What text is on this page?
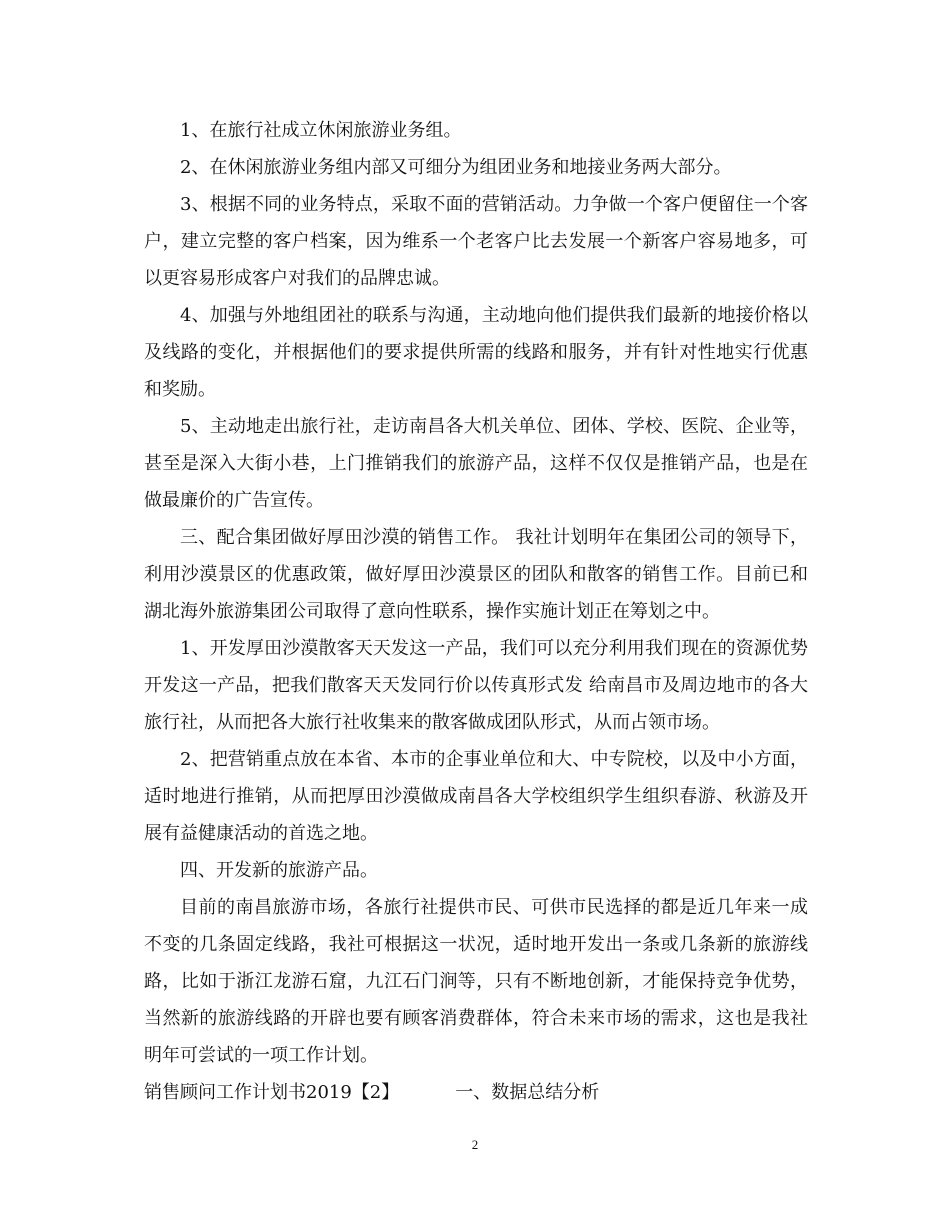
1、在旅行社成立休闲旅游业务组。

2、在休闲旅游业务组内部又可细分为组团业务和地接业务两大部分。

3、根据不同的业务特点，采取不面的营销活动。力争做一个客户便留住一个客户，建立完整的客户档案，因为维系一个老客户比去发展一个新客户容易地多，可以更容易形成客户对我们的品牌忠诚。

4、加强与外地组团社的联系与沟通，主动地向他们提供我们最新的地接价格以及线路的变化，并根据他们的要求提供所需的线路和服务，并有针对性地实行优惠和奖励。

5、主动地走出旅行社，走访南昌各大机关单位、团体、学校、医院、企业等，甚至是深入大街小巷，上门推销我们的旅游产品，这样不仅仅是推销产品，也是在做最廉价的广告宣传。

三、配合集团做好厚田沙漠的销售工作。 我社计划明年在集团公司的领导下，利用沙漠景区的优惠政策，做好厚田沙漠景区的团队和散客的销售工作。目前已和湖北海外旅游集团公司取得了意向性联系，操作实施计划正在筹划之中。

1、开发厚田沙漠散客天天发这一产品，我们可以充分利用我们现在的资源优势开发这一产品，把我们散客天天发同行价以传真形式发 给南昌市及周边地市的各大旅行社，从而把各大旅行社收集来的散客做成团队形式，从而占领市场。

2、把营销重点放在本省、本市的企事业单位和大、中专院校，以及中小方面，适时地进行推销，从而把厚田沙漠做成南昌各大学校组织学生组织春游、秋游及开展有益健康活动的首选之地。

四、开发新的旅游产品。

目前的南昌旅游市场，各旅行社提供市民、可供市民选择的都是近几年来一成不变的几条固定线路，我社可根据这一状况，适时地开发出一条或几条新的旅游线路，比如于浙江龙游石窟，九江石门涧等，只有不断地创新，才能保持竞争优势，当然新的旅游线路的开辟也要有顾客消费群体，符合未来市场的需求，这也是我社明年可尝试的一项工作计划。

销售顾问工作计划书2019【2】	一、数据总结分析

2
